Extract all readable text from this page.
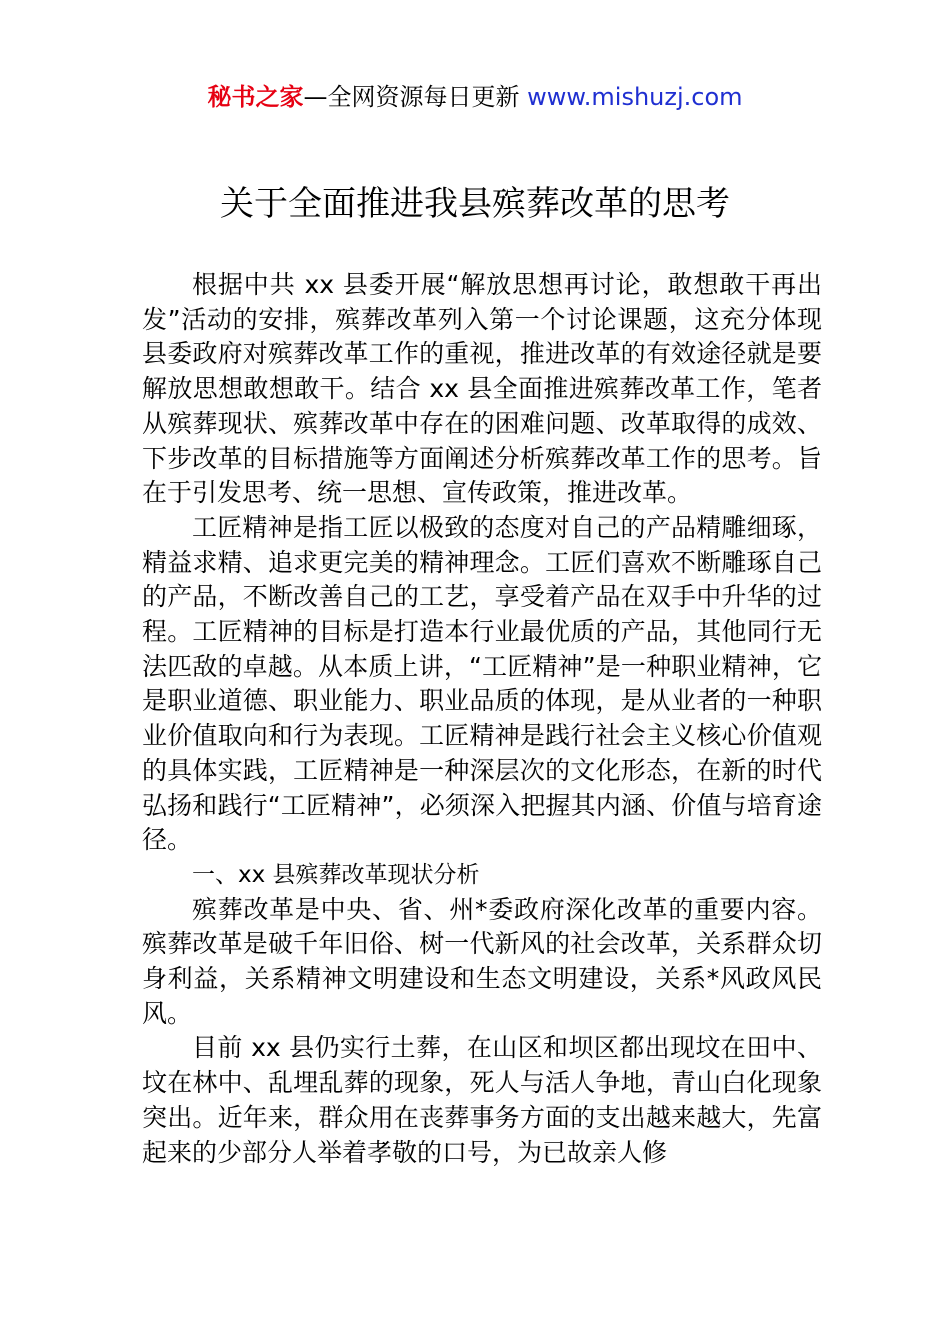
秘书之家—全网资源每日更新 www.mishuzj.com
关于全面推进我县殡葬改革的思考

根据中共 xx 县委开展“解放思想再讨论，敢想敢干再出发”活动的安排，殡葬改革列入第一个讨论课题，这充分体现县委政府对殡葬改革工作的重视，推进改革的有效途径就是要解放思想敢想敢干。结合 xx 县全面推进殡葬改革工作，笔者从殡葬现状、殡葬改革中存在的困难问题、改革取得的成效、下步改革的目标措施等方面阐述分析殡葬改革工作的思考。旨在于引发思考、统一思想、宣传政策，推进改革。

工匠精神是指工匠以极致的态度对自己的产品精雕细琢，精益求精、追求更完美的精神理念。工匠们喜欢不断雕琢自己的产品，不断改善自己的工艺，享受着产品在双手中升华的过程。工匠精神的目标是打造本行业最优质的产品，其他同行无法匹敌的卓越。从本质上讲，“工匠精神”是一种职业精神，它是职业道德、职业能力、职业品质的体现，是从业者的一种职业价值取向和行为表现。工匠精神是践行社会主义核心价值观的具体实践，工匠精神是一种深层次的文化形态，在新的时代弘扬和践行“工匠精神”，必须深入把握其内涵、价值与培育途径。

一、xx 县殡葬改革现状分析

殡葬改革是中央、省、州*委政府深化改革的重要内容。殡葬改革是破千年旧俗、树一代新风的社会改革，关系群众切身利益，关系精神文明建设和生态文明建设，关系*风政风民风。

目前 xx 县仍实行土葬，在山区和坝区都出现坟在田中、坟在林中、乱埋乱葬的现象，死人与活人争地，青山白化现象突出。近年来，群众用在丧葬事务方面的支出越来越大，先富起来的少部分人举着孝敬的口号，为已故亲人修
